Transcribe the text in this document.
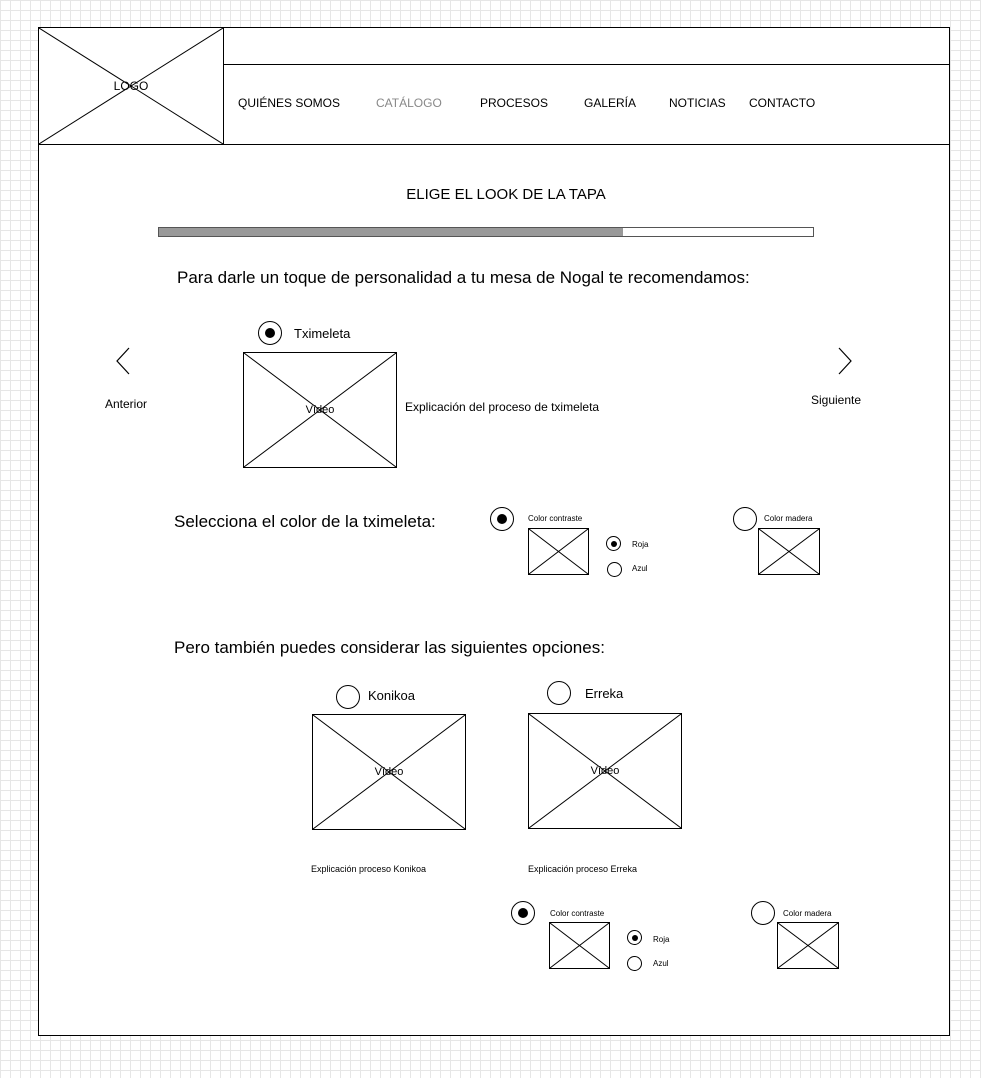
LOGO
QUIÉNES SOMOS	CATÁLOGO	PROCESOS	GALERÍA	NOTICIAS CONTACTO
ELIGE EL LOOK DE LA TAPA
Para darle un toque de personalidad a tu mesa de Nogal te recomendamos:
Anterior	Siguiente
Tximeleta
Vídeo	Explicación del proceso de tximeleta
Selecciona el color de la tximeleta:	Color contraste
Roja
Azul
Color madera
Pero también puedes considerar las siguientes opciones:
Konikoa
Vídeo
Explicación proceso Konikoa
Erreka
Vídeo
Explicación proceso Erreka
Color contraste
Roja
Azul
Color madera
